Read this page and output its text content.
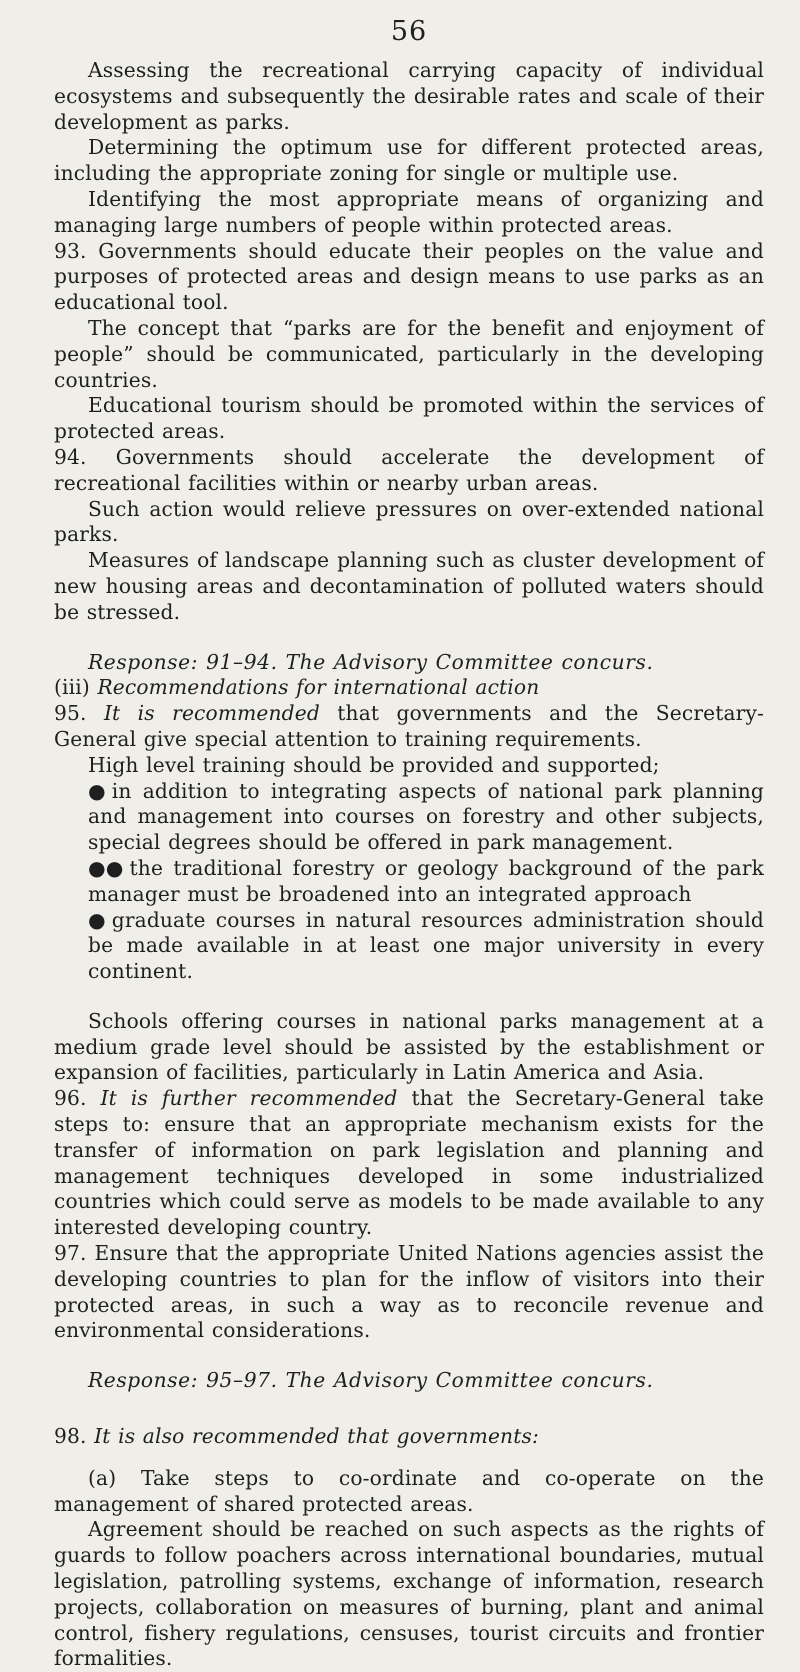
56

Assessing the recreational carrying capacity of individual ecosystems and subsequently the desirable rates and scale of their development as parks.

Determining the optimum use for different protected areas, including the appropriate zoning for single or multiple use.

Identifying the most appropriate means of organizing and managing large numbers of people within protected areas.

93. Governments should educate their peoples on the value and purposes of protected areas and design means to use parks as an educational tool.

The concept that “parks are for the benefit and enjoyment of people” should be communicated, particularly in the developing countries.

Educational tourism should be promoted within the services of protected areas.

94. Governments should accelerate the development of recreational facilities within or nearby urban areas.

Such action would relieve pressures on over-extended national parks.

Measures of landscape planning such as cluster development of new housing areas and decontamination of polluted waters should be stressed.

Response: 91–94. The Advisory Committee concurs.

(iii) Recommendations for international action

95. It is recommended that governments and the Secretary-General give special attention to training requirements.

High level training should be provided and supported;

● in addition to integrating aspects of national park planning and management into courses on forestry and other subjects, special degrees should be offered in park management.

●● the traditional forestry or geology background of the park manager must be broadened into an integrated approach

● graduate courses in natural resources administration should be made available in at least one major university in every continent.

Schools offering courses in national parks management at a medium grade level should be assisted by the establishment or expansion of facilities, particularly in Latin America and Asia.

96. It is further recommended that the Secretary-General take steps to: ensure that an appropriate mechanism exists for the transfer of information on park legislation and planning and management techniques developed in some industrialized countries which could serve as models to be made available to any interested developing country.

97. Ensure that the appropriate United Nations agencies assist the developing countries to plan for the inflow of visitors into their protected areas, in such a way as to reconcile revenue and environmental considerations.

Response: 95–97. The Advisory Committee concurs.

98. It is also recommended that governments:

(a) Take steps to co-ordinate and co-operate on the management of shared protected areas.

Agreement should be reached on such aspects as the rights of guards to follow poachers across international boundaries, mutual legislation, patrolling systems, exchange of information, research projects, collaboration on measures of burning, plant and animal control, fishery regulations, censuses, tourist circuits and frontier formalities.
